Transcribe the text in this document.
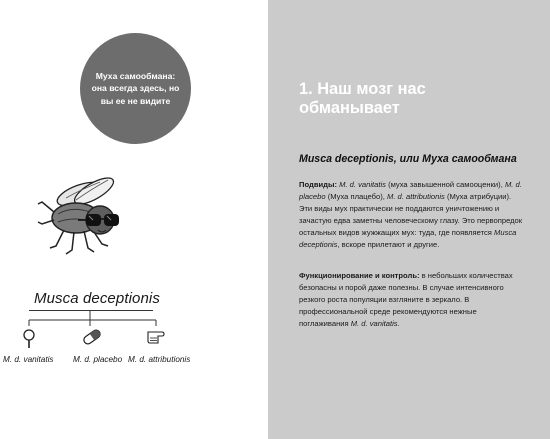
Муха самообмана: она всегда здесь, но вы ее не видите
Musca deceptionis
M. d. vanitatis M. d. placebo M. d. attributionis
1. Наш мозг нас обманывает
Musca deceptionis, или Муха самообмана
Подвиды: M. d. vanitatis (муха завышенной самооценки), M. d. placebo (Муха плацебо), M. d. attributionis (Муха атрибуции). Эти виды мух практически не поддаются уничтожению и зачастую едва заметны человеческому глазу. Это первопредок остальных видов жужжащих мух: туда, где появляется Musca deceptionis, вскоре прилетают и другие.
Функционирование и контроль: в небольших количествах безопасны и порой даже полезны. В случае интенсивного резкого роста популяции взгляните в зеркало. В профессиональной среде рекомендуются нежные поглаживания M. d. vanitatis.
